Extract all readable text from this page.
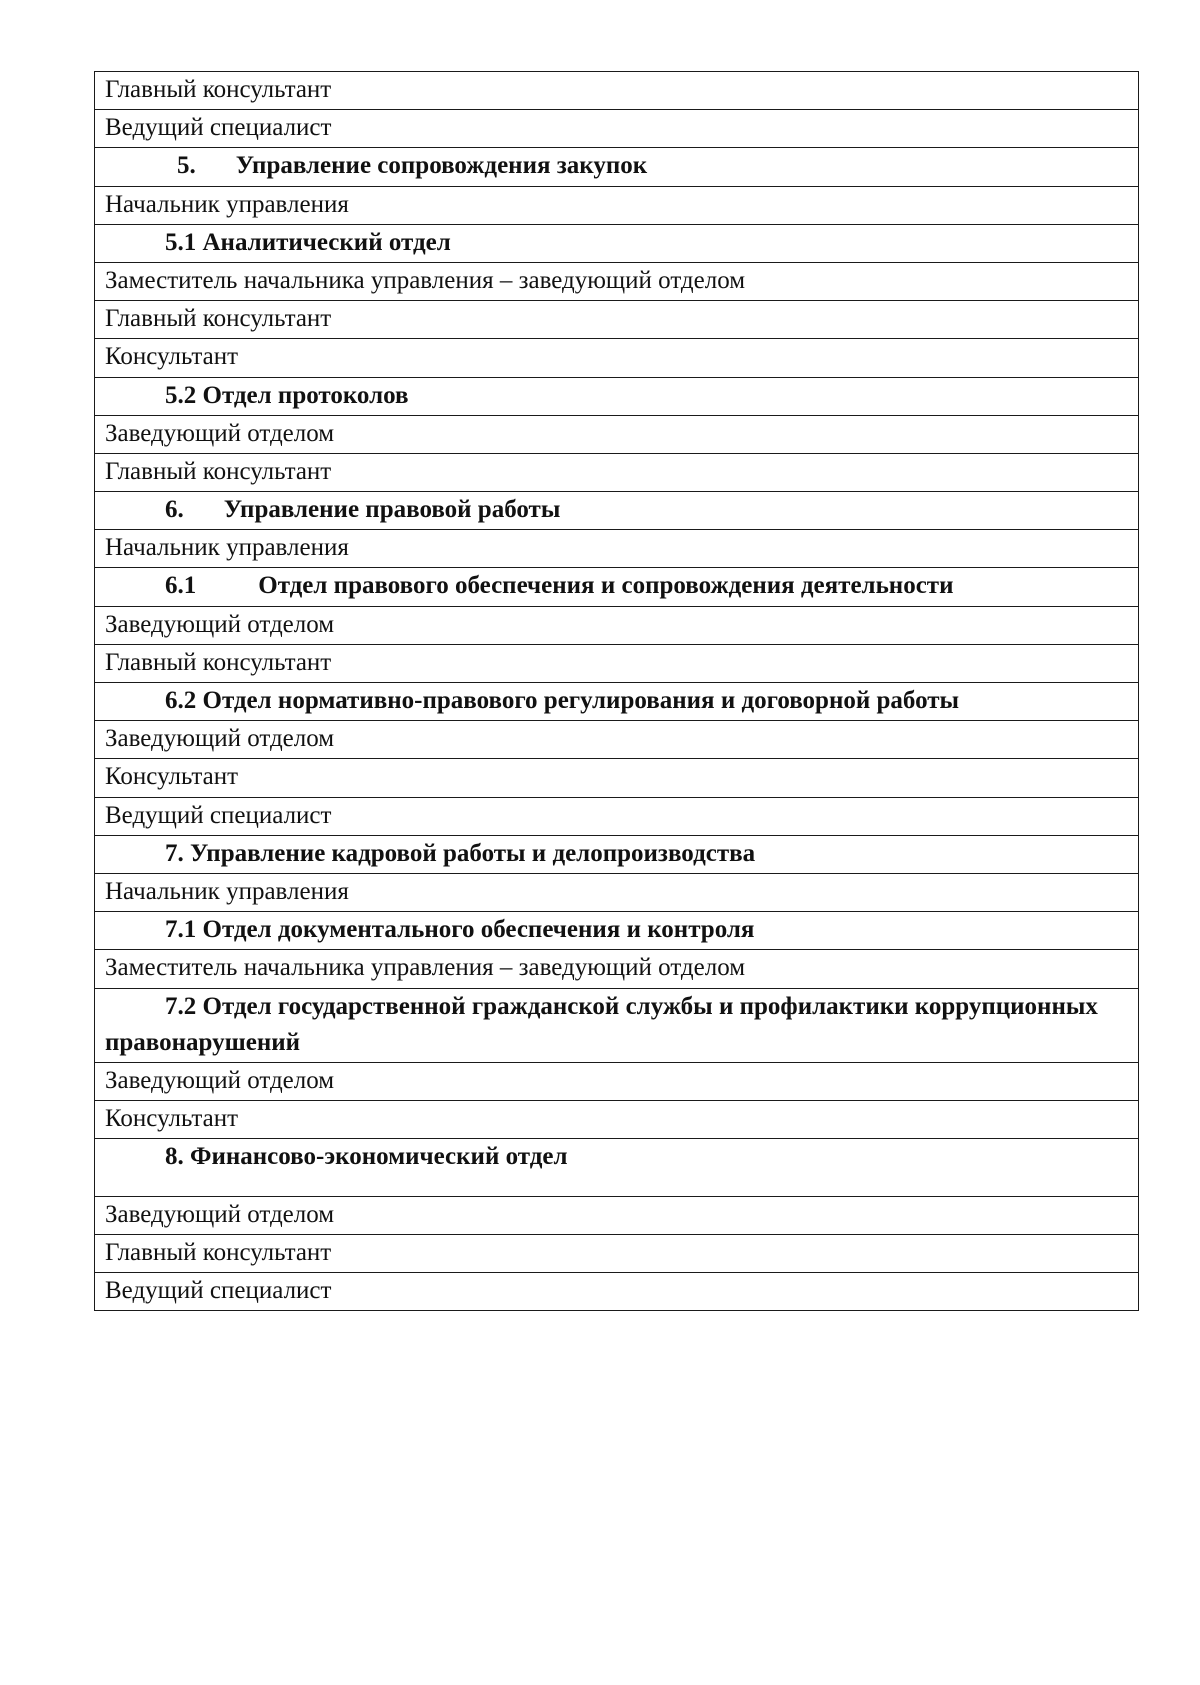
Главный консультант
Ведущий специалист
5. Управление сопровождения закупок
Начальник управления
5.1 Аналитический отдел
Заместитель начальника управления – заведующий отделом
Главный консультант
Консультант
5.2 Отдел протоколов
Заведующий отделом
Главный консультант
6. Управление правовой работы
Начальник управления
6.1 Отдел правового обеспечения и сопровождения деятельности
Заведующий отделом
Главный консультант
6.2 Отдел нормативно-правового регулирования и договорной работы
Заведующий отделом
Консультант
Ведущий специалист
7. Управление кадровой работы и делопроизводства
Начальник управления
7.1 Отдел документального обеспечения и контроля
Заместитель начальника управления – заведующий отделом
7.2 Отдел государственной гражданской службы и профилактики коррупционных правонарушений
Заведующий отделом
Консультант
8. Финансово-экономический отдел
Заведующий отделом
Главный консультант
Ведущий специалист
